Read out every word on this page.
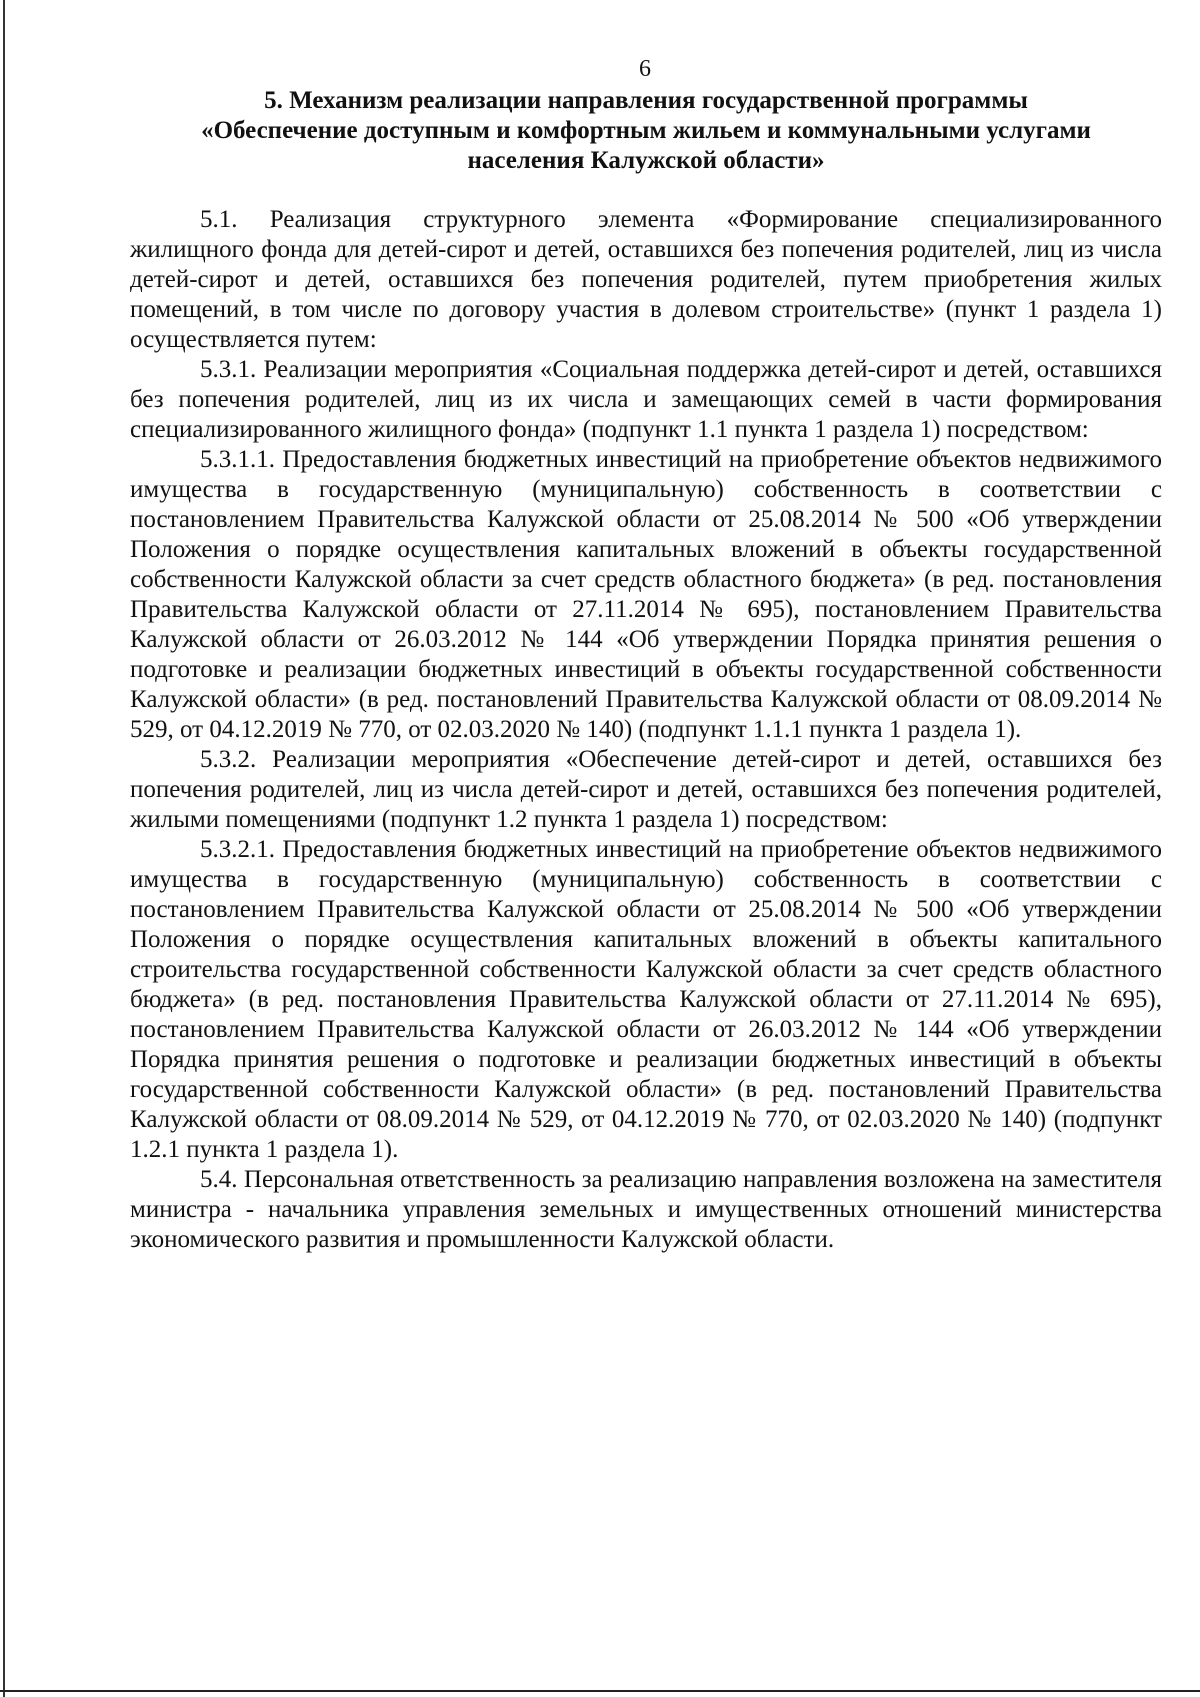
6
5. Механизм реализации направления государственной программы
«Обеспечение доступным и комфортным жильем и коммунальными услугами
населения Калужской области»

5.1. Реализация структурного элемента «Формирование специализированного жилищного фонда для детей-сирот и детей, оставшихся без попечения родителей, лиц из числа детей-сирот и детей, оставшихся без попечения родителей, путем приобретения жилых помещений, в том числе по договору участия в долевом строительстве» (пункт 1 раздела 1) осуществляется путем:

5.3.1. Реализации мероприятия «Социальная поддержка детей-сирот и детей, оставшихся без попечения родителей, лиц из их числа и замещающих семей в части формирования специализированного жилищного фонда» (подпункт 1.1 пункта 1 раздела 1) посредством:

5.3.1.1. Предоставления бюджетных инвестиций на приобретение объектов недвижимого имущества в государственную (муниципальную) собственность в соответствии с постановлением Правительства Калужской области от 25.08.2014 № 500 «Об утверждении Положения о порядке осуществления капитальных вложений в объекты государственной собственности Калужской области за счет средств областного бюджета» (в ред. постановления Правительства Калужской области от 27.11.2014 № 695), постановлением Правительства Калужской области от 26.03.2012 № 144 «Об утверждении Порядка принятия решения о подготовке и реализации бюджетных инвестиций в объекты государственной собственности Калужской области» (в ред. постановлений Правительства Калужской области от 08.09.2014 № 529, от 04.12.2019 № 770, от 02.03.2020 № 140) (подпункт 1.1.1 пункта 1 раздела 1).

5.3.2. Реализации мероприятия «Обеспечение детей-сирот и детей, оставшихся без попечения родителей, лиц из числа детей-сирот и детей, оставшихся без попечения родителей, жилыми помещениями (подпункт 1.2 пункта 1 раздела 1) посредством:

5.3.2.1. Предоставления бюджетных инвестиций на приобретение объектов недвижимого имущества в государственную (муниципальную) собственность в соответствии с постановлением Правительства Калужской области от 25.08.2014 № 500 «Об утверждении Положения о порядке осуществления капитальных вложений в объекты капитального строительства государственной собственности Калужской области за счет средств областного бюджета» (в ред. постановления Правительства Калужской области от 27.11.2014 № 695), постановлением Правительства Калужской области от 26.03.2012 № 144 «Об утверждении Порядка принятия решения о подготовке и реализации бюджетных инвестиций в объекты государственной собственности Калужской области» (в ред. постановлений Правительства Калужской области от 08.09.2014 № 529, от 04.12.2019 № 770, от 02.03.2020 № 140) (подпункт 1.2.1 пункта 1 раздела 1).

5.4. Персональная ответственность за реализацию направления возложена на заместителя министра - начальника управления земельных и имущественных отношений министерства экономического развития и промышленности Калужской области.
